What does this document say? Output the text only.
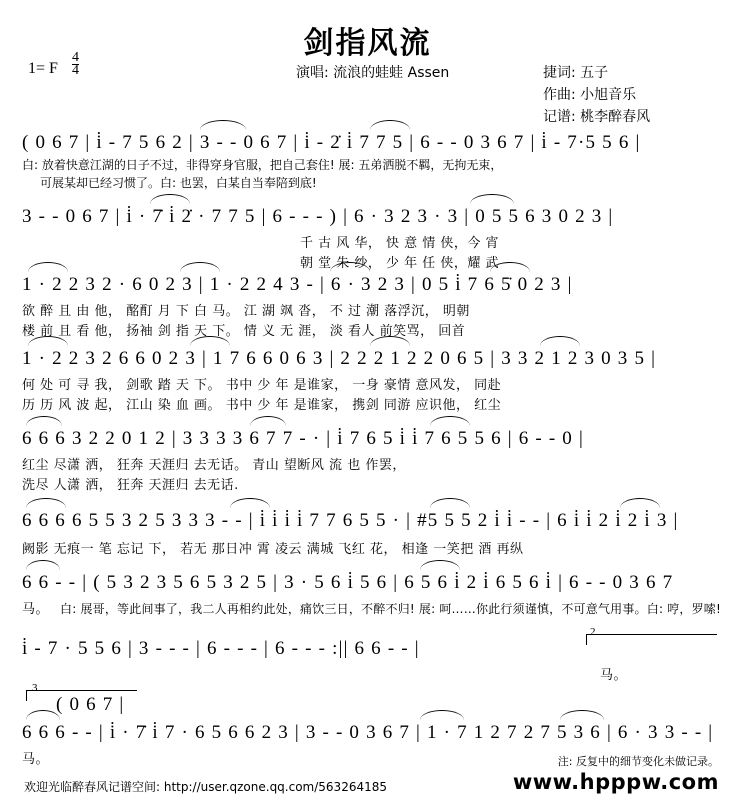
剑指风流
1= F $\frac{4}{4}$	演唱: 流浪的蛙蛙 Assen	捷词: 五子
作曲: 小旭音乐
记谱: 桃李醉春风
( 0 6 7 | i̇ - 7 5 6 2 | 3 - - 0 6 7 | i̇ - 2̇ i̇ 7 7 5 | 6 - - 0 3 6 7 | i̇ - 7·5 5 6 |
白: 放着快意江湖的日子不过，非得穿身官服，把自己套住! 展: 五弟洒脱不羁，无拘无束，
可展某却已经习惯了。白: 也罢，白某自当奉陪到底!
3 - - 0 6 7 | i̇ · 7̇ i̇ 2̇ · 7 7 5 | 6 - - - ) | 6 · 3 2 3 · 3 | 0 5 5 6 3 0 2 3 |
千 古 风 华， 快 意 情 侠，今 宵
朝 堂 朱 纱， 少 年 任 侠，耀 武
1 · 2 2 3 2 · 6 0 2 3 | 1 · 2 2 4 3 - | 6 · 3 2 3 | 0 5 i̇ 7 6 5̇ 0 2 3 |
欲 醉 且 由 他， 酩酊 月 下 白 马。 江 湖 飒 沓， 不 过 潮 落浮沉， 明朝
楼 前 且 看 他， 扬袖 剑 指 天 下。 情 义 无 涯， 淡 看人 前笑骂， 回首
1 · 2 2 3 2 6 6 0 2 3 | 1 7 6 6 0 6 3 | 2 2 2 1 2 2 0 6 5 | 3 3 2 1 2 3 0 3 5 |
何 处 可 寻 我， 剑歌 踏 天 下。 书中 少 年 是谁家， 一身 豪情 意风发， 同赴
历 历 风 波 起， 江山 染 血 画。 书中 少 年 是谁家， 携剑 同游 应识他， 红尘
6 6 6 3 2 2 0 1 2 | 3 3 3 3 6 7 7 - · | i̇ 7 6 5 i̇ i̇ 7 6 5 5 6 | 6 - - 0 |
红尘 尽潇 洒， 狂奔 天涯归 去无话。 青山 望断风 流 也 作罢，
洗尽 人潇 洒， 狂奔 天涯归 去无话.
6 6 6 6 5 5 3 2 5 3 3 3 - - | i̇ i̇ i̇ i̇ 7 7 6 5 5 · | #5 5 5 2 i̇ i̇ - - | 6 i̇ i̇ 2 i̇ 2 i̇ 3 |
阙影 无痕一 笔 忘记 下， 若无 那日冲 霄 凌云 满城 飞红 花， 相逢 一笑把 酒 再纵
6 6 - - | ( 5 3 2 3 5 6 5 3 2 5 | 3 · 5 6 i̇ 5 6 | 6 5 6 i̇ 2 i̇ 6 5 6 i̇ | 6 - - 0 3 6 7
马。 白: 展哥，等此间事了，我二人再相约此处，痛饮三日，不醉不归! 展: 呵……你此行须谨慎，不可意气用事。白: 哼，罗嗦!
i̇ - 7 · 5 5 6 | 3 - - - | 6 - - - | 6 - - - :|| 6 6 - - |
2
马。
3
( 0 6 7 |
6 6 6 - - | i̇ · 7̇ i̇ 7 · 6 5 6 6 2 3 | 3 - - 0 3 6 7 | 1 · 7 1 2 7 2 7 5 3 6 | 6 · 3 3 - - |
马。	注: 反复中的细节变化未做记录。
欢迎光临醉春风记谱空间: http://user.qzone.qq.com/563264185	www.hpppw.com
